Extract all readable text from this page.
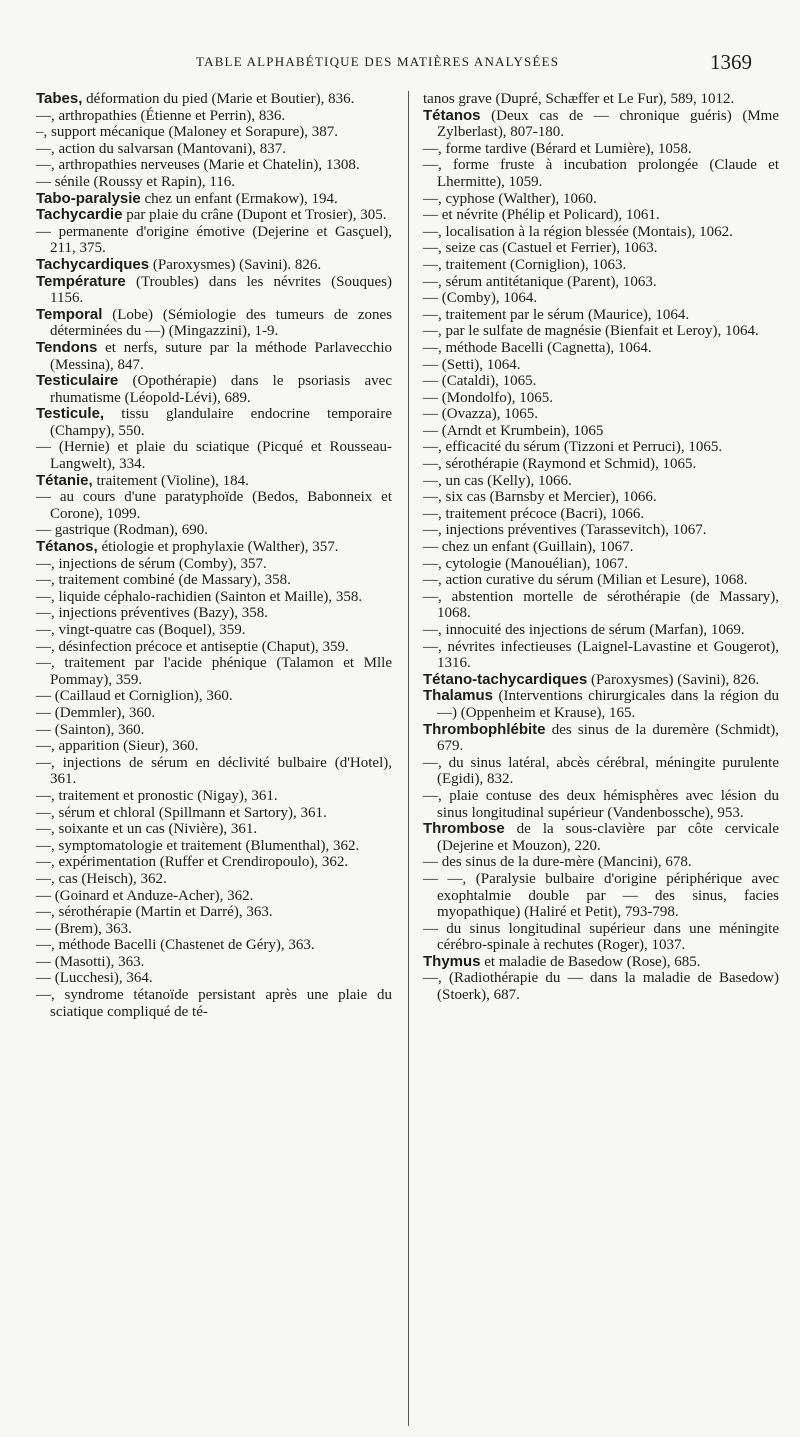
TABLE ALPHABÉTIQUE DES MATIÈRES ANALYSÉES	1369

Tabes, déformation du pied (Marie et Boutier), 836.

—, arthropathies (Étienne et Perrin), 836.

–, support mécanique (Maloney et Sorapure), 387.

—, action du salvarsan (Mantovani), 837.

—, arthropathies nerveuses (Marie et Chatelin), 1308.

— sénile (Roussy et Rapin), 116.

Tabo-paralysie chez un enfant (Ermakow), 194.

Tachycardie par plaie du crâne (Dupont et Trosier), 305.

— permanente d'origine émotive (Dejerine et Gasçuel), 211, 375.

Tachycardiques (Paroxysmes) (Savini). 826.

Température (Troubles) dans les névrites (Souques) 1156.

Temporal (Lobe) (Sémiologie des tumeurs de zones déterminées du —) (Mingazzini), 1-9.

Tendons et nerfs, suture par la méthode Parlavecchio (Messina), 847.

Testiculaire (Opothérapie) dans le psoriasis avec rhumatisme (Léopold-Lévi), 689.

Testicule, tissu glandulaire endocrine temporaire (Champy), 550.

— (Hernie) et plaie du sciatique (Picqué et Rousseau-Langwelt), 334.

Tétanie, traitement (Violine), 184.

— au cours d'une paratyphoïde (Bedos, Babonneix et Corone), 1099.

— gastrique (Rodman), 690.

Tétanos, étiologie et prophylaxie (Walther), 357.

—, injections de sérum (Comby), 357.

—, traitement combiné (de Massary), 358.

—, liquide céphalo-rachidien (Sainton et Maille), 358.

—, injections préventives (Bazy), 358.

—, vingt-quatre cas (Boquel), 359.

—, désinfection précoce et antiseptie (Chaput), 359.

—, traitement par l'acide phénique (Talamon et Mlle Pommay), 359.

— (Caillaud et Corniglion), 360.

— (Demmler), 360.

— (Sainton), 360.

—, apparition (Sieur), 360.

—, injections de sérum en déclivité bulbaire (d'Hotel), 361.

—, traitement et pronostic (Nigay), 361.

—, sérum et chloral (Spillmann et Sartory), 361.

—, soixante et un cas (Nivière), 361.

—, symptomatologie et traitement (Blumenthal), 362.

—, expérimentation (Ruffer et Crendiropoulo), 362.

—, cas (Heisch), 362.

— (Goinard et Anduze-Acher), 362.

—, sérothérapie (Martin et Darré), 363.

— (Brem), 363.

—, méthode Bacelli (Chastenet de Géry), 363.

— (Masotti), 363.

— (Lucchesi), 364.

—, syndrome tétanoïde persistant après une plaie du sciatique compliqué de té-

tanos grave (Dupré, Schæffer et Le Fur), 589, 1012.

Tétanos (Deux cas de — chronique guéris) (Mme Zylberlast), 807-180.

—, forme tardive (Bérard et Lumière), 1058.

—, forme fruste à incubation prolongée (Claude et Lhermitte), 1059.

—, cyphose (Walther), 1060.

— et névrite (Phélip et Policard), 1061.

—, localisation à la région blessée (Montais), 1062.

—, seize cas (Castuel et Ferrier), 1063.

—, traitement (Corniglion), 1063.

—, sérum antitétanique (Parent), 1063.

— (Comby), 1064.

—, traitement par le sérum (Maurice), 1064.

—, par le sulfate de magnésie (Bienfait et Leroy), 1064.

—, méthode Bacelli (Cagnetta), 1064.

— (Setti), 1064.

— (Cataldi), 1065.

— (Mondolfo), 1065.

— (Ovazza), 1065.

— (Arndt et Krumbein), 1065

—, efficacité du sérum (Tizzoni et Perruci), 1065.

—, sérothérapie (Raymond et Schmid), 1065.

—, un cas (Kelly), 1066.

—, six cas (Barnsby et Mercier), 1066.

—, traitement précoce (Bacri), 1066.

—, injections préventives (Tarassevitch), 1067.

— chez un enfant (Guillain), 1067.

—, cytologie (Manouélian), 1067.

—, action curative du sérum (Milian et Lesure), 1068.

—, abstention mortelle de sérothérapie (de Massary), 1068.

—, innocuité des injections de sérum (Marfan), 1069.

—, névrites infectieuses (Laignel-Lavastine et Gougerot), 1316.

Tétano-tachycardiques (Paroxysmes) (Savini), 826.

Thalamus (Interventions chirurgicales dans la région du —) (Oppenheim et Krause), 165.

Thrombophlébite des sinus de la duremère (Schmidt), 679.

—, du sinus latéral, abcès cérébral, méningite purulente (Egidi), 832.

—, plaie contuse des deux hémisphères avec lésion du sinus longitudinal supérieur (Vandenbossche), 953.

Thrombose de la sous-clavière par côte cervicale (Dejerine et Mouzon), 220.

— des sinus de la dure-mère (Mancini), 678.

— —, (Paralysie bulbaire d'origine périphérique avec exophtalmie double par — des sinus, facies myopathique) (Haliré et Petit), 793-798.

— du sinus longitudinal supérieur dans une méningite cérébro-spinale à rechutes (Roger), 1037.

Thymus et maladie de Basedow (Rose), 685.

—, (Radiothérapie du — dans la maladie de Basedow) (Stoerk), 687.
